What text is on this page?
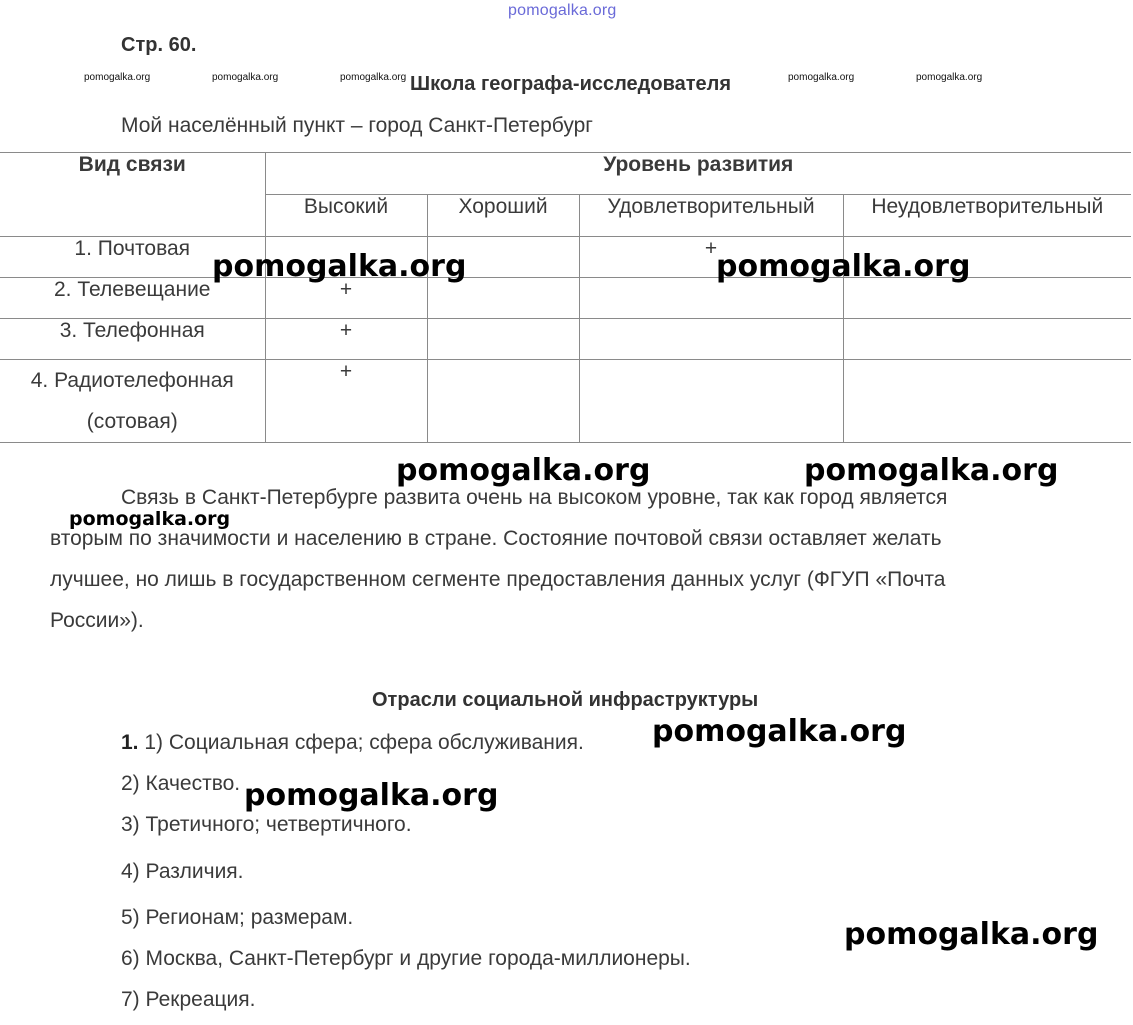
pomogalka.org
Стр. 60.
pomogalka.org	pomogalka.org	pomogalka.org	pomogalka.org	pomogalka.org
Школа географа-исследователя
Мой населённый пункт – город Санкт-Петербург
Вид связи	Уровень развития			
	Высокий	Хороший	Удовлетворительный	Неудовлетворительный
1. Почтовая			+	
2. Телевещание	+			
3. Телефонная	+			

4. Радиотелефонная
(сотовая)	+			
Связь в Санкт-Петербурге развита очень на высоком уровне, так как город является
вторым по значимости и населению в стране. Состояние почтовой связи оставляет желать
лучшее, но лишь в государственном сегменте предоставления данных услуг (ФГУП «Почта
России»).
Отрасли социальной инфраструктуры
1. 1) Социальная сфера; сфера обслуживания.
2) Качество.
3) Третичного; четвертичного.
4) Различия.
5) Регионам; размерам.
6) Москва, Санкт-Петербург и другие города-миллионеры.
7) Рекреация.
pomogalka.org	pomogalka.org
pomogalka.org	pomogalka.org
pomogalka.org
pomogalka.org
pomogalka.org
pomogalka.org
